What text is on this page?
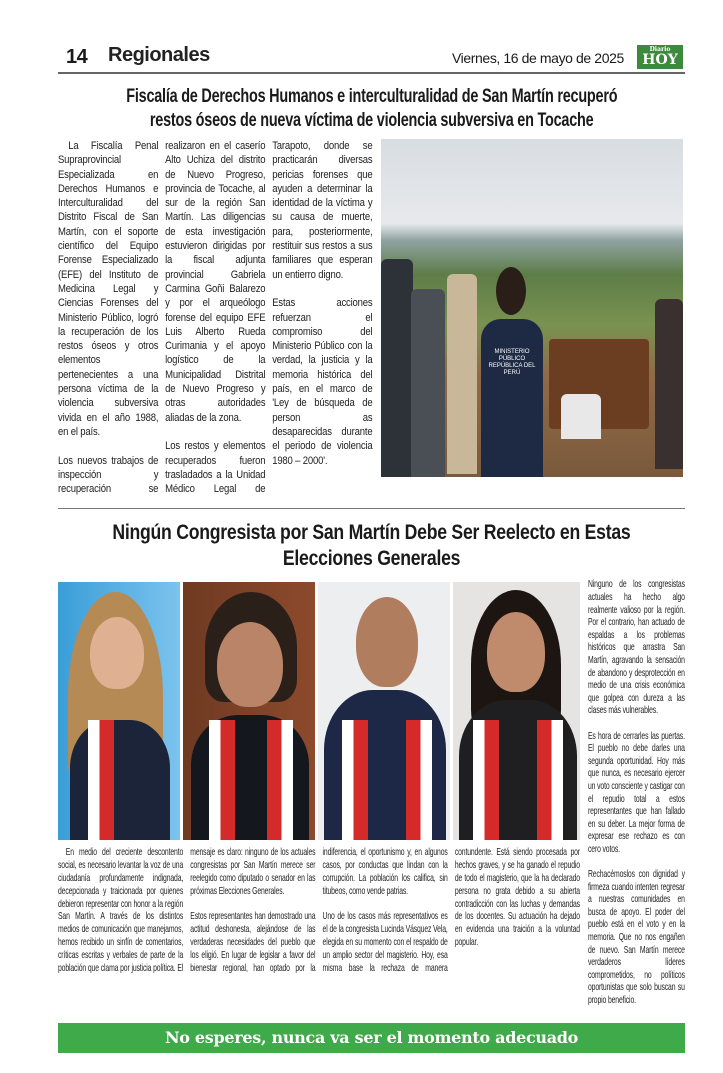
14 Regionales	Viernes, 16 de mayo de 2025
Diario
HOY
Fiscalía de Derechos Humanos e interculturalidad de San Martín recuperó
restos óseos de nueva víctima de violencia subversiva en Tocache

La Fiscalía Penal Supraprovincial Especializada en Derechos Humanos e Interculturalidad del Distrito Fiscal de San Martín, con el soporte científico del Equipo Forense Especializado (EFE) del Instituto de Medicina Legal y Ciencias Forenses del Ministerio Público, logró la recuperación de los restos óseos y otros elementos pertenecientes a una persona víctima de la violencia subversiva vivida en el año 1988, en el país.

Los nuevos trabajos de inspección y recuperación se realizaron en el caserío Alto Uchiza del distrito de Nuevo Progreso, provincia de Tocache, al sur de la región San Martín. Las diligencias de esta investigación estuvieron dirigidas por la fiscal adjunta provincial Gabriela Carmina Goñi Balarezo y por el arqueólogo forense del equipo EFE Luis Alberto Rueda Curimania y el apoyo logístico de la Municipalidad Distrital de Nuevo Progreso y otras autoridades aliadas de la zona.

Los restos y elementos recuperados fueron trasladados a la Unidad Médico Legal de Tarapoto, donde se practicarán diversas pericias forenses que ayuden a determinar la identidad de la víctima y su causa de muerte, para, posteriormente, restituir sus restos a sus familiares que esperan un entierro digno.

Estas acciones refuerzan el compromiso del Ministerio Público con la verdad, la justicia y la memoria histórica del país, en el marco de 'Ley de búsqueda de person as desaparecidas durante el periodo de violencia 1980 – 2000'.

MINISTERIO PÚBLICO REPÚBLICA DEL PERÚ
Ningún Congresista por San Martín Debe Ser Reelecto en Estas
Elecciones Generales

En medio del creciente descontento social, es necesario levantar la voz de una ciudadanía profundamente indignada, decepcionada y traicionada por quienes debieron representar con honor a la región San Martín. A través de los distintos medios de comunicación que manejamos, hemos recibido un sinfín de comentarios, críticas escritas y verbales de parte de la población que clama por justicia política. El mensaje es claro: ninguno de los actuales congresistas por San Martín merece ser reelegido como diputado o senador en las próximas Elecciones Generales.

Estos representantes han demostrado una actitud deshonesta, alejándose de las verdaderas necesidades del pueblo que los eligió. En lugar de legislar a favor del bienestar regional, han optado por la indiferencia, el oportunismo y, en algunos casos, por conductas que lindan con la corrupción. La población los califica, sin titubeos, como vende patrias.

Uno de los casos más representativos es el de la congresista Lucinda Vásquez Vela, elegida en su momento con el respaldo de un amplio sector del magisterio. Hoy, esa misma base la rechaza de manera contundente. Está siendo procesada por hechos graves, y se ha ganado el repudio de todo el magisterio, que la ha declarado persona no grata debido a su abierta contradicción con las luchas y demandas de los docentes. Su actuación ha dejado en evidencia una traición a la voluntad popular.

Ninguno de los congresistas actuales ha hecho algo realmente valioso por la región. Por el contrario, han actuado de espaldas a los problemas históricos que arrastra San Martín, agravando la sensación de abandono y desprotección en medio de una crisis económica que golpea con dureza a las clases más vulnerables.

Es hora de cerrarles las puertas. El pueblo no debe darles una segunda oportunidad. Hoy más que nunca, es necesario ejercer un voto consciente y castigar con el repudio total a estos representantes que han fallado en su deber. La mejor forma de expresar ese rechazo es con cero votos.

Rechacémoslos con dignidad y firmeza cuando intenten regresar a nuestras comunidades en busca de apoyo. El poder del pueblo está en el voto y en la memoria. Que no nos engañen de nuevo. San Martín merece verdaderos líderes comprometidos, no políticos oportunistas que solo buscan su propio beneficio.

No esperes, nunca va ser el momento adecuado
